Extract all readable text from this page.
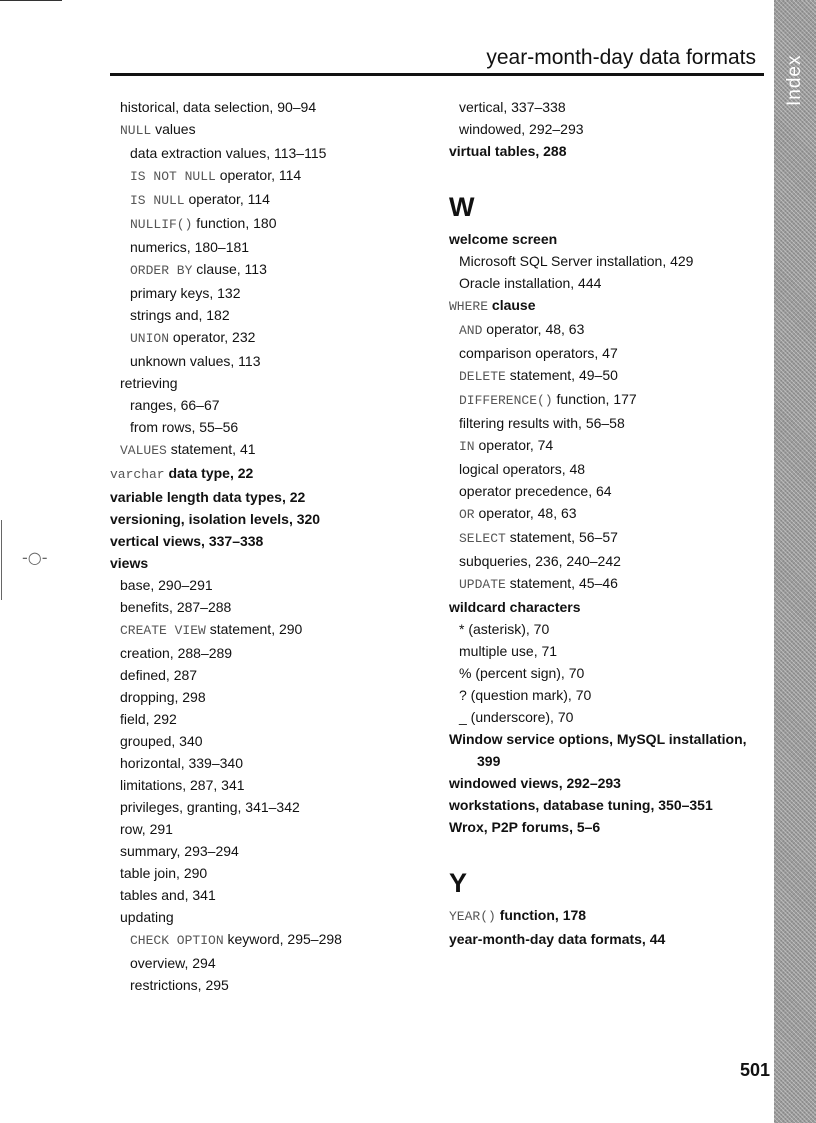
-○-
Index
year-month-day data formats
historical, data selection, 90–94
NULL values
data extraction values, 113–115
IS NOT NULL operator, 114
IS NULL operator, 114
NULLIF() function, 180
numerics, 180–181
ORDER BY clause, 113
primary keys, 132
strings and, 182
UNION operator, 232
unknown values, 113
retrieving
ranges, 66–67
from rows, 55–56
VALUES statement, 41
varchar data type, 22
variable length data types, 22
versioning, isolation levels, 320
vertical views, 337–338
views
base, 290–291
benefits, 287–288
CREATE VIEW statement, 290
creation, 288–289
defined, 287
dropping, 298
field, 292
grouped, 340
horizontal, 339–340
limitations, 287, 341
privileges, granting, 341–342
row, 291
summary, 293–294
table join, 290
tables and, 341
updating
CHECK OPTION keyword, 295–298
overview, 294
restrictions, 295
vertical, 337–338
windowed, 292–293
virtual tables, 288
W
welcome screen
Microsoft SQL Server installation, 429
Oracle installation, 444
WHERE clause
AND operator, 48, 63
comparison operators, 47
DELETE statement, 49–50
DIFFERENCE() function, 177
filtering results with, 56–58
IN operator, 74
logical operators, 48
operator precedence, 64
OR operator, 48, 63
SELECT statement, 56–57
subqueries, 236, 240–242
UPDATE statement, 45–46
wildcard characters
* (asterisk), 70
multiple use, 71
% (percent sign), 70
? (question mark), 70
_ (underscore), 70
Window service options, MySQL installation,
399
windowed views, 292–293
workstations, database tuning, 350–351
Wrox, P2P forums, 5–6
Y
YEAR() function, 178
year-month-day data formats, 44
501
